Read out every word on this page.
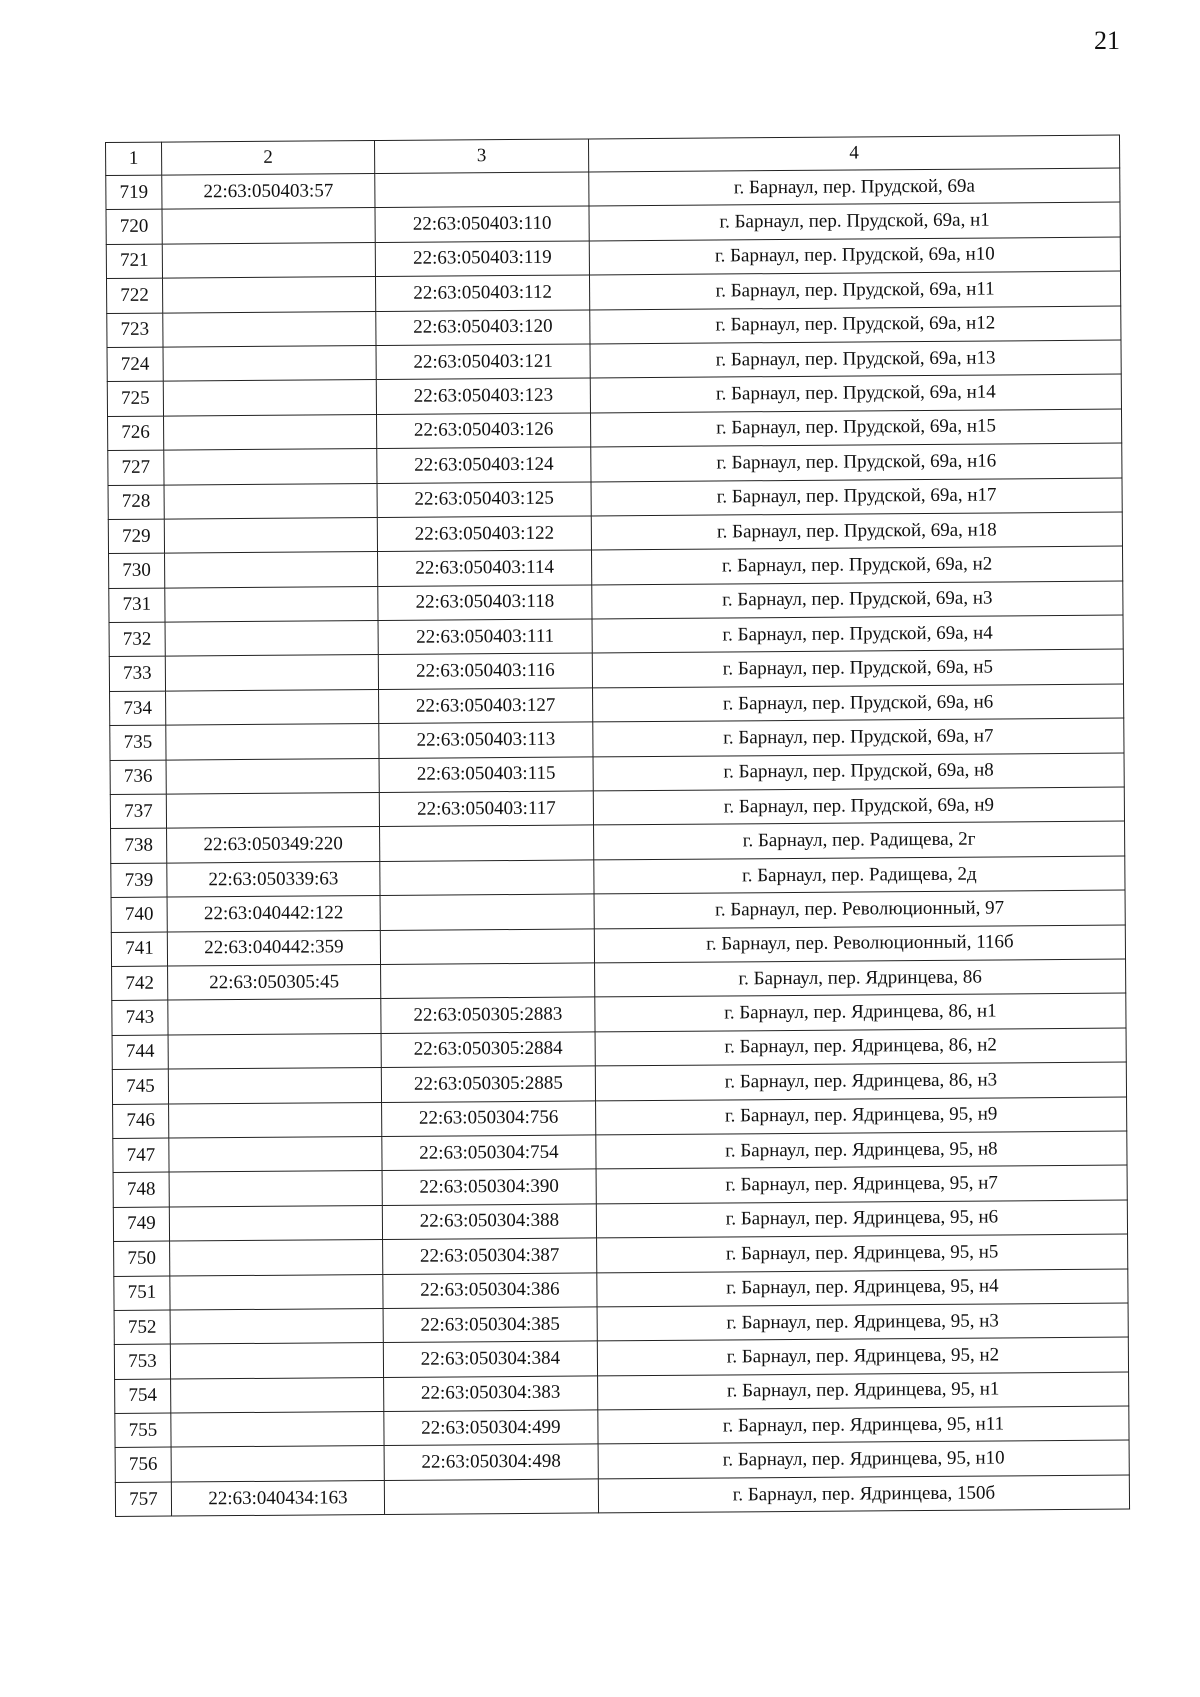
21
1	2	3	4
719	22:63:050403:57		г. Барнаул, пер. Прудской, 69а
720		22:63:050403:110	г. Барнаул, пер. Прудской, 69а, н1
721		22:63:050403:119	г. Барнаул, пер. Прудской, 69а, н10
722		22:63:050403:112	г. Барнаул, пер. Прудской, 69а, н11
723		22:63:050403:120	г. Барнаул, пер. Прудской, 69а, н12
724		22:63:050403:121	г. Барнаул, пер. Прудской, 69а, н13
725		22:63:050403:123	г. Барнаул, пер. Прудской, 69а, н14
726		22:63:050403:126	г. Барнаул, пер. Прудской, 69а, н15
727		22:63:050403:124	г. Барнаул, пер. Прудской, 69а, н16
728		22:63:050403:125	г. Барнаул, пер. Прудской, 69а, н17
729		22:63:050403:122	г. Барнаул, пер. Прудской, 69а, н18
730		22:63:050403:114	г. Барнаул, пер. Прудской, 69а, н2
731		22:63:050403:118	г. Барнаул, пер. Прудской, 69а, н3
732		22:63:050403:111	г. Барнаул, пер. Прудской, 69а, н4
733		22:63:050403:116	г. Барнаул, пер. Прудской, 69а, н5
734		22:63:050403:127	г. Барнаул, пер. Прудской, 69а, н6
735		22:63:050403:113	г. Барнаул, пер. Прудской, 69а, н7
736		22:63:050403:115	г. Барнаул, пер. Прудской, 69а, н8
737		22:63:050403:117	г. Барнаул, пер. Прудской, 69а, н9
738	22:63:050349:220		г. Барнаул, пер. Радищева, 2г
739	22:63:050339:63		г. Барнаул, пер. Радищева, 2д
740	22:63:040442:122		г. Барнаул, пер. Революционный, 97
741	22:63:040442:359		г. Барнаул, пер. Революционный, 116б
742	22:63:050305:45		г. Барнаул, пер. Ядринцева, 86
743		22:63:050305:2883	г. Барнаул, пер. Ядринцева, 86, н1
744		22:63:050305:2884	г. Барнаул, пер. Ядринцева, 86, н2
745		22:63:050305:2885	г. Барнаул, пер. Ядринцева, 86, н3
746		22:63:050304:756	г. Барнаул, пер. Ядринцева, 95, н9
747		22:63:050304:754	г. Барнаул, пер. Ядринцева, 95, н8
748		22:63:050304:390	г. Барнаул, пер. Ядринцева, 95, н7
749		22:63:050304:388	г. Барнаул, пер. Ядринцева, 95, н6
750		22:63:050304:387	г. Барнаул, пер. Ядринцева, 95, н5
751		22:63:050304:386	г. Барнаул, пер. Ядринцева, 95, н4
752		22:63:050304:385	г. Барнаул, пер. Ядринцева, 95, н3
753		22:63:050304:384	г. Барнаул, пер. Ядринцева, 95, н2
754		22:63:050304:383	г. Барнаул, пер. Ядринцева, 95, н1
755		22:63:050304:499	г. Барнаул, пер. Ядринцева, 95, н11
756		22:63:050304:498	г. Барнаул, пер. Ядринцева, 95, н10
757	22:63:040434:163		г. Барнаул, пер. Ядринцева, 150б
